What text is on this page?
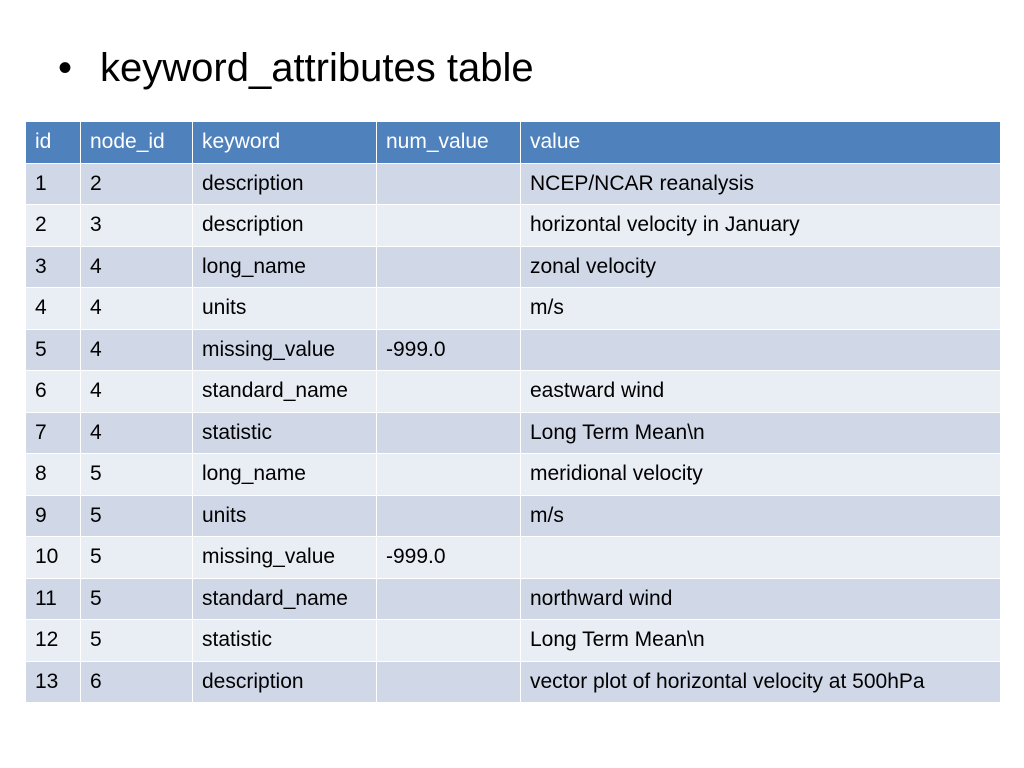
• keyword_attributes table
id	node_id	keyword	num_value	value
1	2	description		NCEP/NCAR reanalysis
2	3	description		horizontal velocity in January
3	4	long_name		zonal velocity
4	4	units		m/s
5	4	missing_value	-999.0	
6	4	standard_name		eastward wind
7	4	statistic		Long Term Mean\n
8	5	long_name		meridional velocity
9	5	units		m/s
10	5	missing_value	-999.0	
11	5	standard_name		northward wind
12	5	statistic		Long Term Mean\n
13	6	description		vector plot of horizontal velocity at 500hPa
